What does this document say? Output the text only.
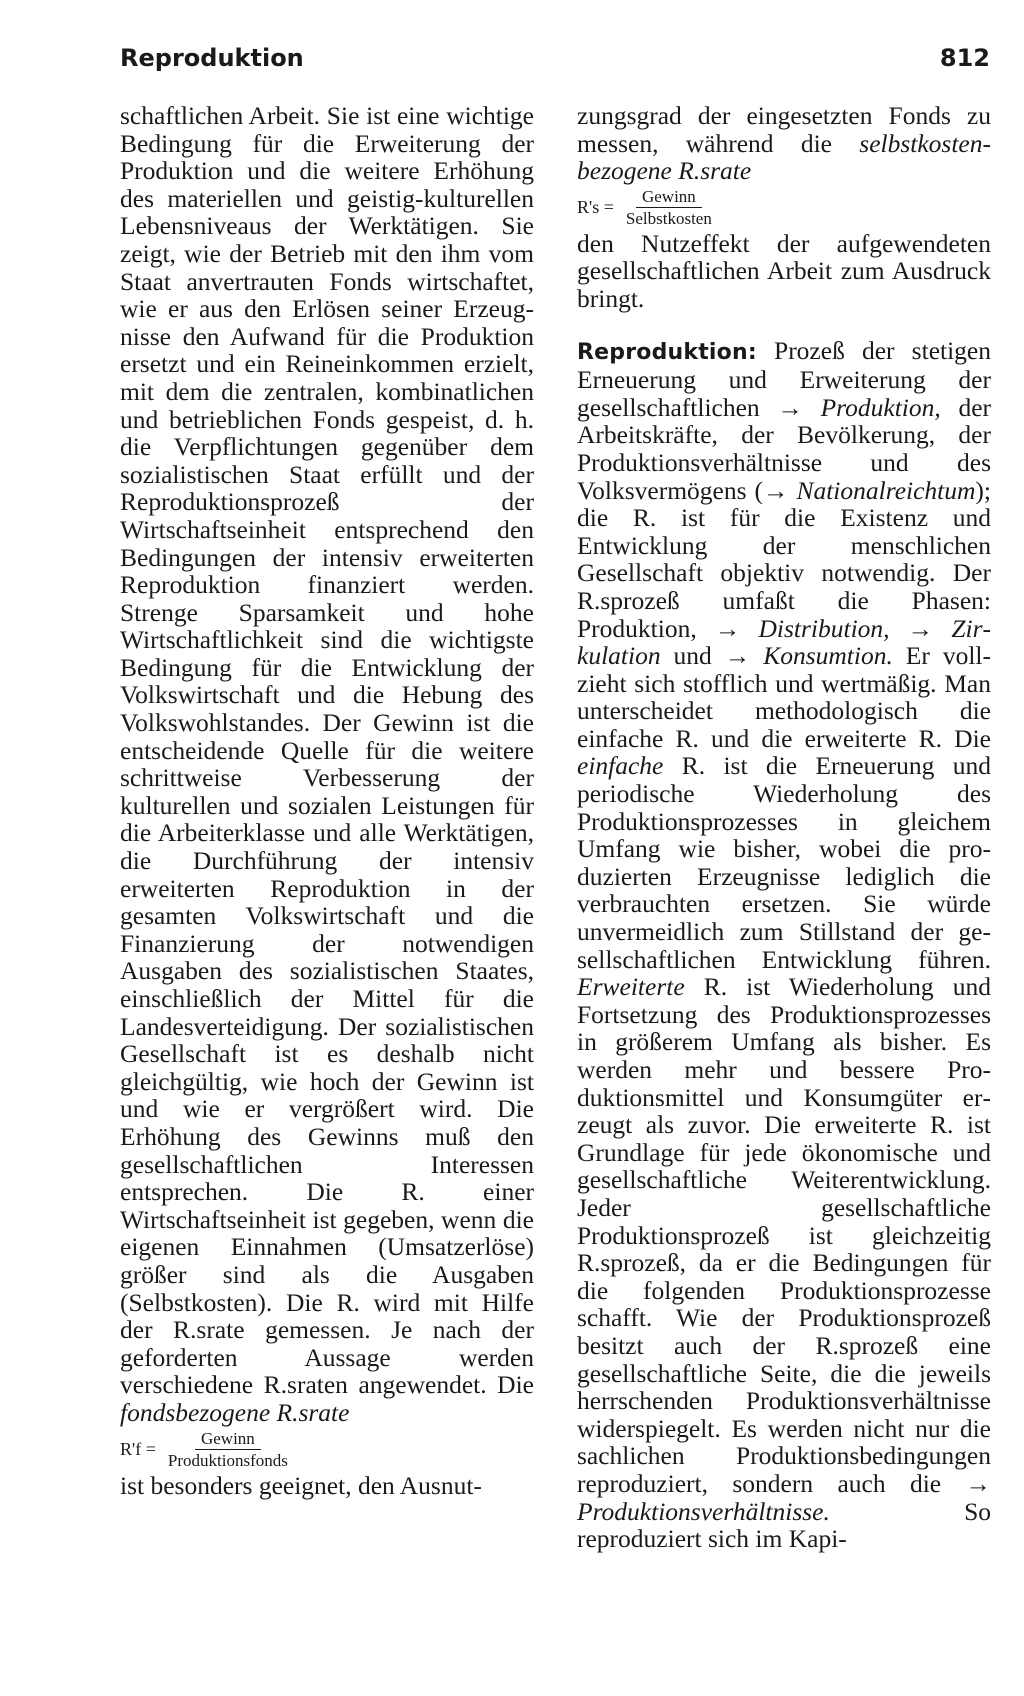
Reproduktion	812

schaftlichen Arbeit. Sie ist eine wichtige Bedingung für die Erweiterung der Produktion und die weitere Erhöhung des materiellen und geistig-kulturellen Lebensniveaus der Werktätigen. Sie zeigt, wie der Betrieb mit den ihm vom Staat anvertrauten Fonds wirtschaftet, wie er aus den Erlösen seiner Erzeugnisse den Aufwand für die Produktion ersetzt und ein Reineinkommen erzielt, mit dem die zentralen, kombinatlichen und betrieblichen Fonds gespeist, d. h. die Verpflichtungen gegenüber dem sozialistischen Staat erfüllt und der Reproduktionsprozeß der Wirtschaftseinheit entsprechend den Bedingungen der intensiv erweiterten Reproduktion finanziert werden. Strenge Sparsamkeit und hohe Wirtschaftlichkeit sind die wichtigste Bedingung für die Entwicklung der Volkswirtschaft und die Hebung des Volkswohlstandes. Der Gewinn ist die entscheidende Quelle für die weitere schrittweise Verbesserung der kulturellen und sozialen Leistungen für die Arbeiterklasse und alle Werktätigen, die Durchführung der intensiv erweiterten Reproduktion in der gesamten Volkswirtschaft und die Finanzierung der notwendigen Ausgaben des sozialistischen Staates, einschließlich der Mittel für die Landesverteidigung. Der sozialistischen Gesellschaft ist es deshalb nicht gleichgültig, wie hoch der Gewinn ist und wie er vergrößert wird. Die Erhöhung des Gewinns muß den gesellschaftlichen Interessen entsprechen. Die R. einer Wirtschaftseinheit ist gegeben, wenn die eigenen Einnahmen (Umsatzerlöse) größer sind als die Ausgaben (Selbstkosten). Die R. wird mit Hilfe der R.srate gemessen. Je nach der geforderten Aussage werden verschiedene R.sraten angewendet. Die fondsbezogene R.srate

$R'f = \frac{\text{Gewinn}}{\text{Produktionsfonds}}$

ist besonders geeignet, den Ausnut-

zungsgrad der eingesetzten Fonds zu messen, während die selbstkostenbezogene R.srate

$R's = \frac{\text{Gewinn}}{\text{Selbstkosten}}$

den Nutzeffekt der aufgewendeten gesellschaftlichen Arbeit zum Ausdruck bringt.

Reproduktion: Prozeß der stetigen Erneuerung und Erweiterung der gesellschaftlichen → Produktion, der Arbeitskräfte, der Bevölkerung, der Produktionsverhältnisse und des Volksvermögens (→ Nationalreichtum); die R. ist für die Existenz und Entwicklung der menschlichen Gesellschaft objektiv notwendig. Der R.sprozeß umfaßt die Phasen: Produktion, → Distribution, → Zirkulation und → Konsumtion. Er vollzieht sich stofflich und wertmäßig. Man unterscheidet methodologisch die einfache R. und die erweiterte R. Die einfache R. ist die Erneuerung und periodische Wiederholung des Produktionsprozesses in gleichem Umfang wie bisher, wobei die produzierten Erzeugnisse lediglich die verbrauchten ersetzen. Sie würde unvermeidlich zum Stillstand der gesellschaftlichen Entwicklung führen. Erweiterte R. ist Wiederholung und Fortsetzung des Produktionsprozesses in größerem Umfang als bisher. Es werden mehr und bessere Produktionsmittel und Konsumgüter erzeugt als zuvor. Die erweiterte R. ist Grundlage für jede ökonomische und gesellschaftliche Weiterentwicklung. Jeder gesellschaftliche Produktionsprozeß ist gleichzeitig R.sprozeß, da er die Bedingungen für die folgenden Produktionsprozesse schafft. Wie der Produktionsprozeß besitzt auch der R.sprozeß eine gesellschaftliche Seite, die die jeweils herrschenden Produktionsverhältnisse widerspiegelt. Es werden nicht nur die sachlichen Produktionsbedingungen reproduziert, sondern auch die → Produktionsverhältnisse. So reproduziert sich im Kapi-
